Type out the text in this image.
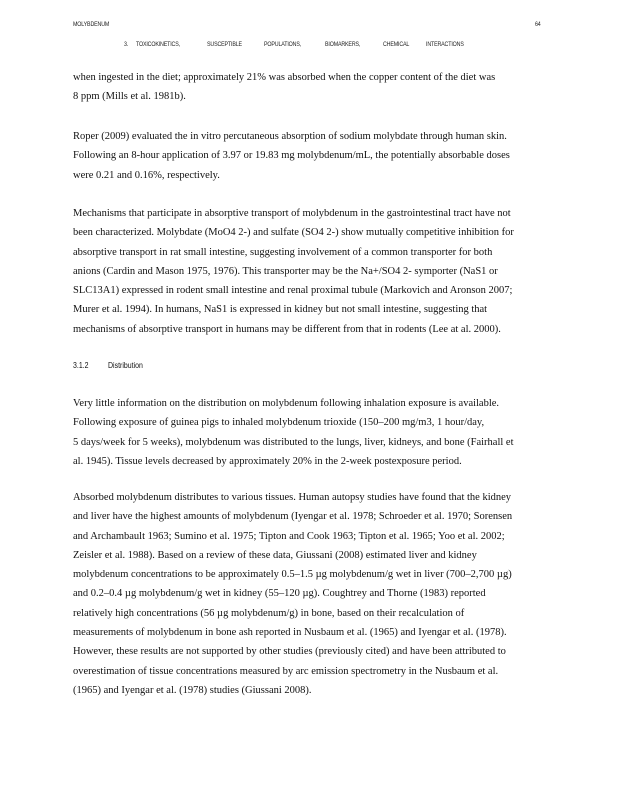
MOLYBDENUM	64
3. TOXICOKINETICS,	SUSCEPTIBLE	POPULATIONS,	BIOMARKERS,	CHEMICAL	INTERACTIONS
when ingested in the diet; approximately 21% was absorbed when the copper content of the diet was
8 ppm (Mills et al. 1981b).
Roper (2009) evaluated the in vitro percutaneous absorption of sodium molybdate through human skin.
Following an 8-hour application of 3.97 or 19.83 mg molybdenum/mL, the potentially absorbable doses
were 0.21 and 0.16%, respectively.
Mechanisms that participate in absorptive transport of molybdenum in the gastrointestinal tract have not
been characterized. Molybdate (MoO4 2-) and sulfate (SO4 2-) show mutually competitive inhibition for
absorptive transport in rat small intestine, suggesting involvement of a common transporter for both
anions (Cardin and Mason 1975, 1976). This transporter may be the Na+/SO4 2- symporter (NaS1 or
SLC13A1) expressed in rodent small intestine and renal proximal tubule (Markovich and Aronson 2007;
Murer et al. 1994). In humans, NaS1 is expressed in kidney but not small intestine, suggesting that
mechanisms of absorptive transport in humans may be different from that in rodents (Lee at al. 2000).
3.1.2 Distribution
Very little information on the distribution on molybdenum following inhalation exposure is available.
Following exposure of guinea pigs to inhaled molybdenum trioxide (150–200 mg/m3, 1 hour/day,
5 days/week for 5 weeks), molybdenum was distributed to the lungs, liver, kidneys, and bone (Fairhall et
al. 1945). Tissue levels decreased by approximately 20% in the 2-week postexposure period.
Absorbed molybdenum distributes to various tissues. Human autopsy studies have found that the kidney
and liver have the highest amounts of molybdenum (Iyengar et al. 1978; Schroeder et al. 1970; Sorensen
and Archambault 1963; Sumino et al. 1975; Tipton and Cook 1963; Tipton et al. 1965; Yoo et al. 2002;
Zeisler et al. 1988). Based on a review of these data, Giussani (2008) estimated liver and kidney
molybdenum concentrations to be approximately 0.5–1.5 µg molybdenum/g wet in liver (700–2,700 µg)
and 0.2–0.4 µg molybdenum/g wet in kidney (55–120 µg). Coughtrey and Thorne (1983) reported
relatively high concentrations (56 µg molybdenum/g) in bone, based on their recalculation of
measurements of molybdenum in bone ash reported in Nusbaum et al. (1965) and Iyengar et al. (1978).
However, these results are not supported by other studies (previously cited) and have been attributed to
overestimation of tissue concentrations measured by arc emission spectrometry in the Nusbaum et al.
(1965) and Iyengar et al. (1978) studies (Giussani 2008).
